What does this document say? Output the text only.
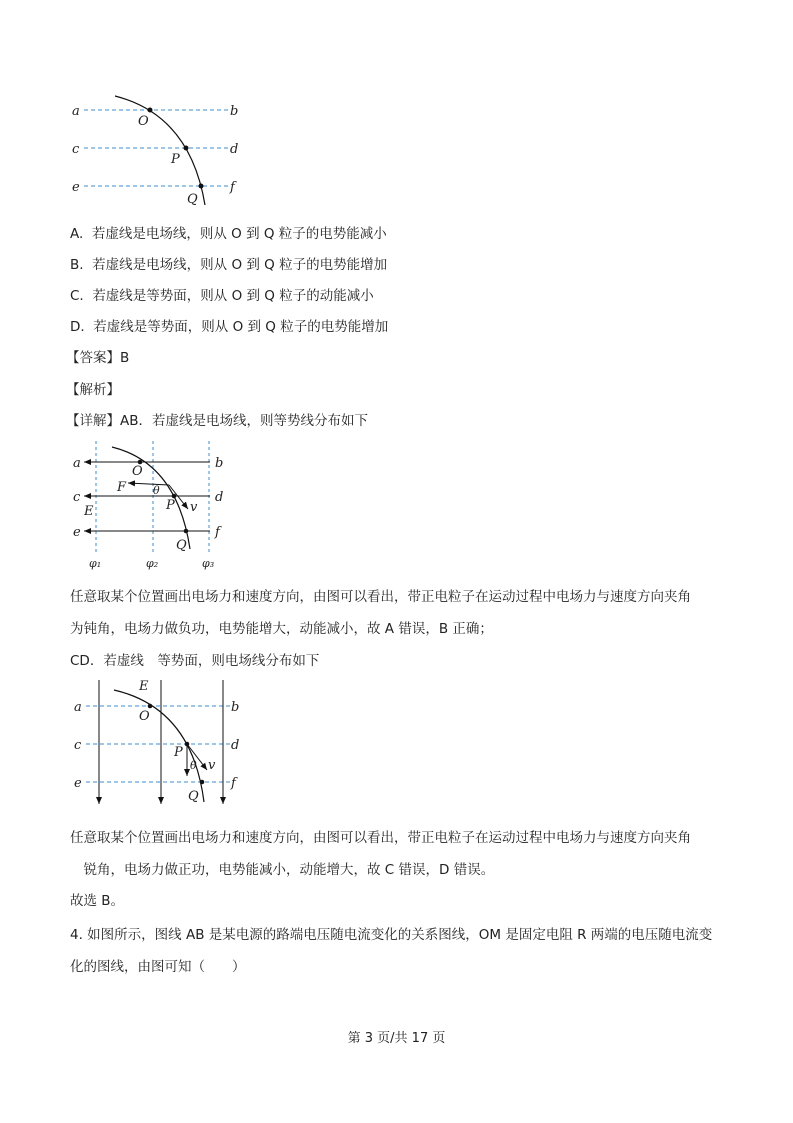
a	b
c	d
e	f
O
P
Q
A. 若虚线是电场线，则从 O 到 Q 粒子的电势能减小
B. 若虚线是电场线，则从 O 到 Q 粒子的电势能增加
C. 若虚线是等势面，则从 O 到 Q 粒子的动能减小
D. 若虚线是等势面，则从 O 到 Q 粒子的电势能增加
【答案】B
【解析】
【详解】AB．若虚线是电场线，则等势线分布如下
a	b
c	d
e	f
O
P
Q
F
E	v
θ
φ₁	φ₂	φ₃
任意取某个位置画出电场力和速度方向，由图可以看出，带正电粒子在运动过程中电场力与速度方向夹角
为钝角，电场力做负功，电势能增大，动能减小，故 A 错误，B 正确；
CD．若虚线　等势面，则电场线分布如下
a	b
c	d
e	f
E
O
P
Q
v
θ
任意取某个位置画出电场力和速度方向，由图可以看出，带正电粒子在运动过程中电场力与速度方向夹角
　锐角，电场力做正功，电势能减小，动能增大，故 C 错误，D 错误。
故选 B。
4. 如图所示，图线 AB 是某电源的路端电压随电流变化的关系图线，OM 是固定电阻 R 两端的电压随电流变
化的图线，由图可知（　　）
第 3 页/共 17 页
